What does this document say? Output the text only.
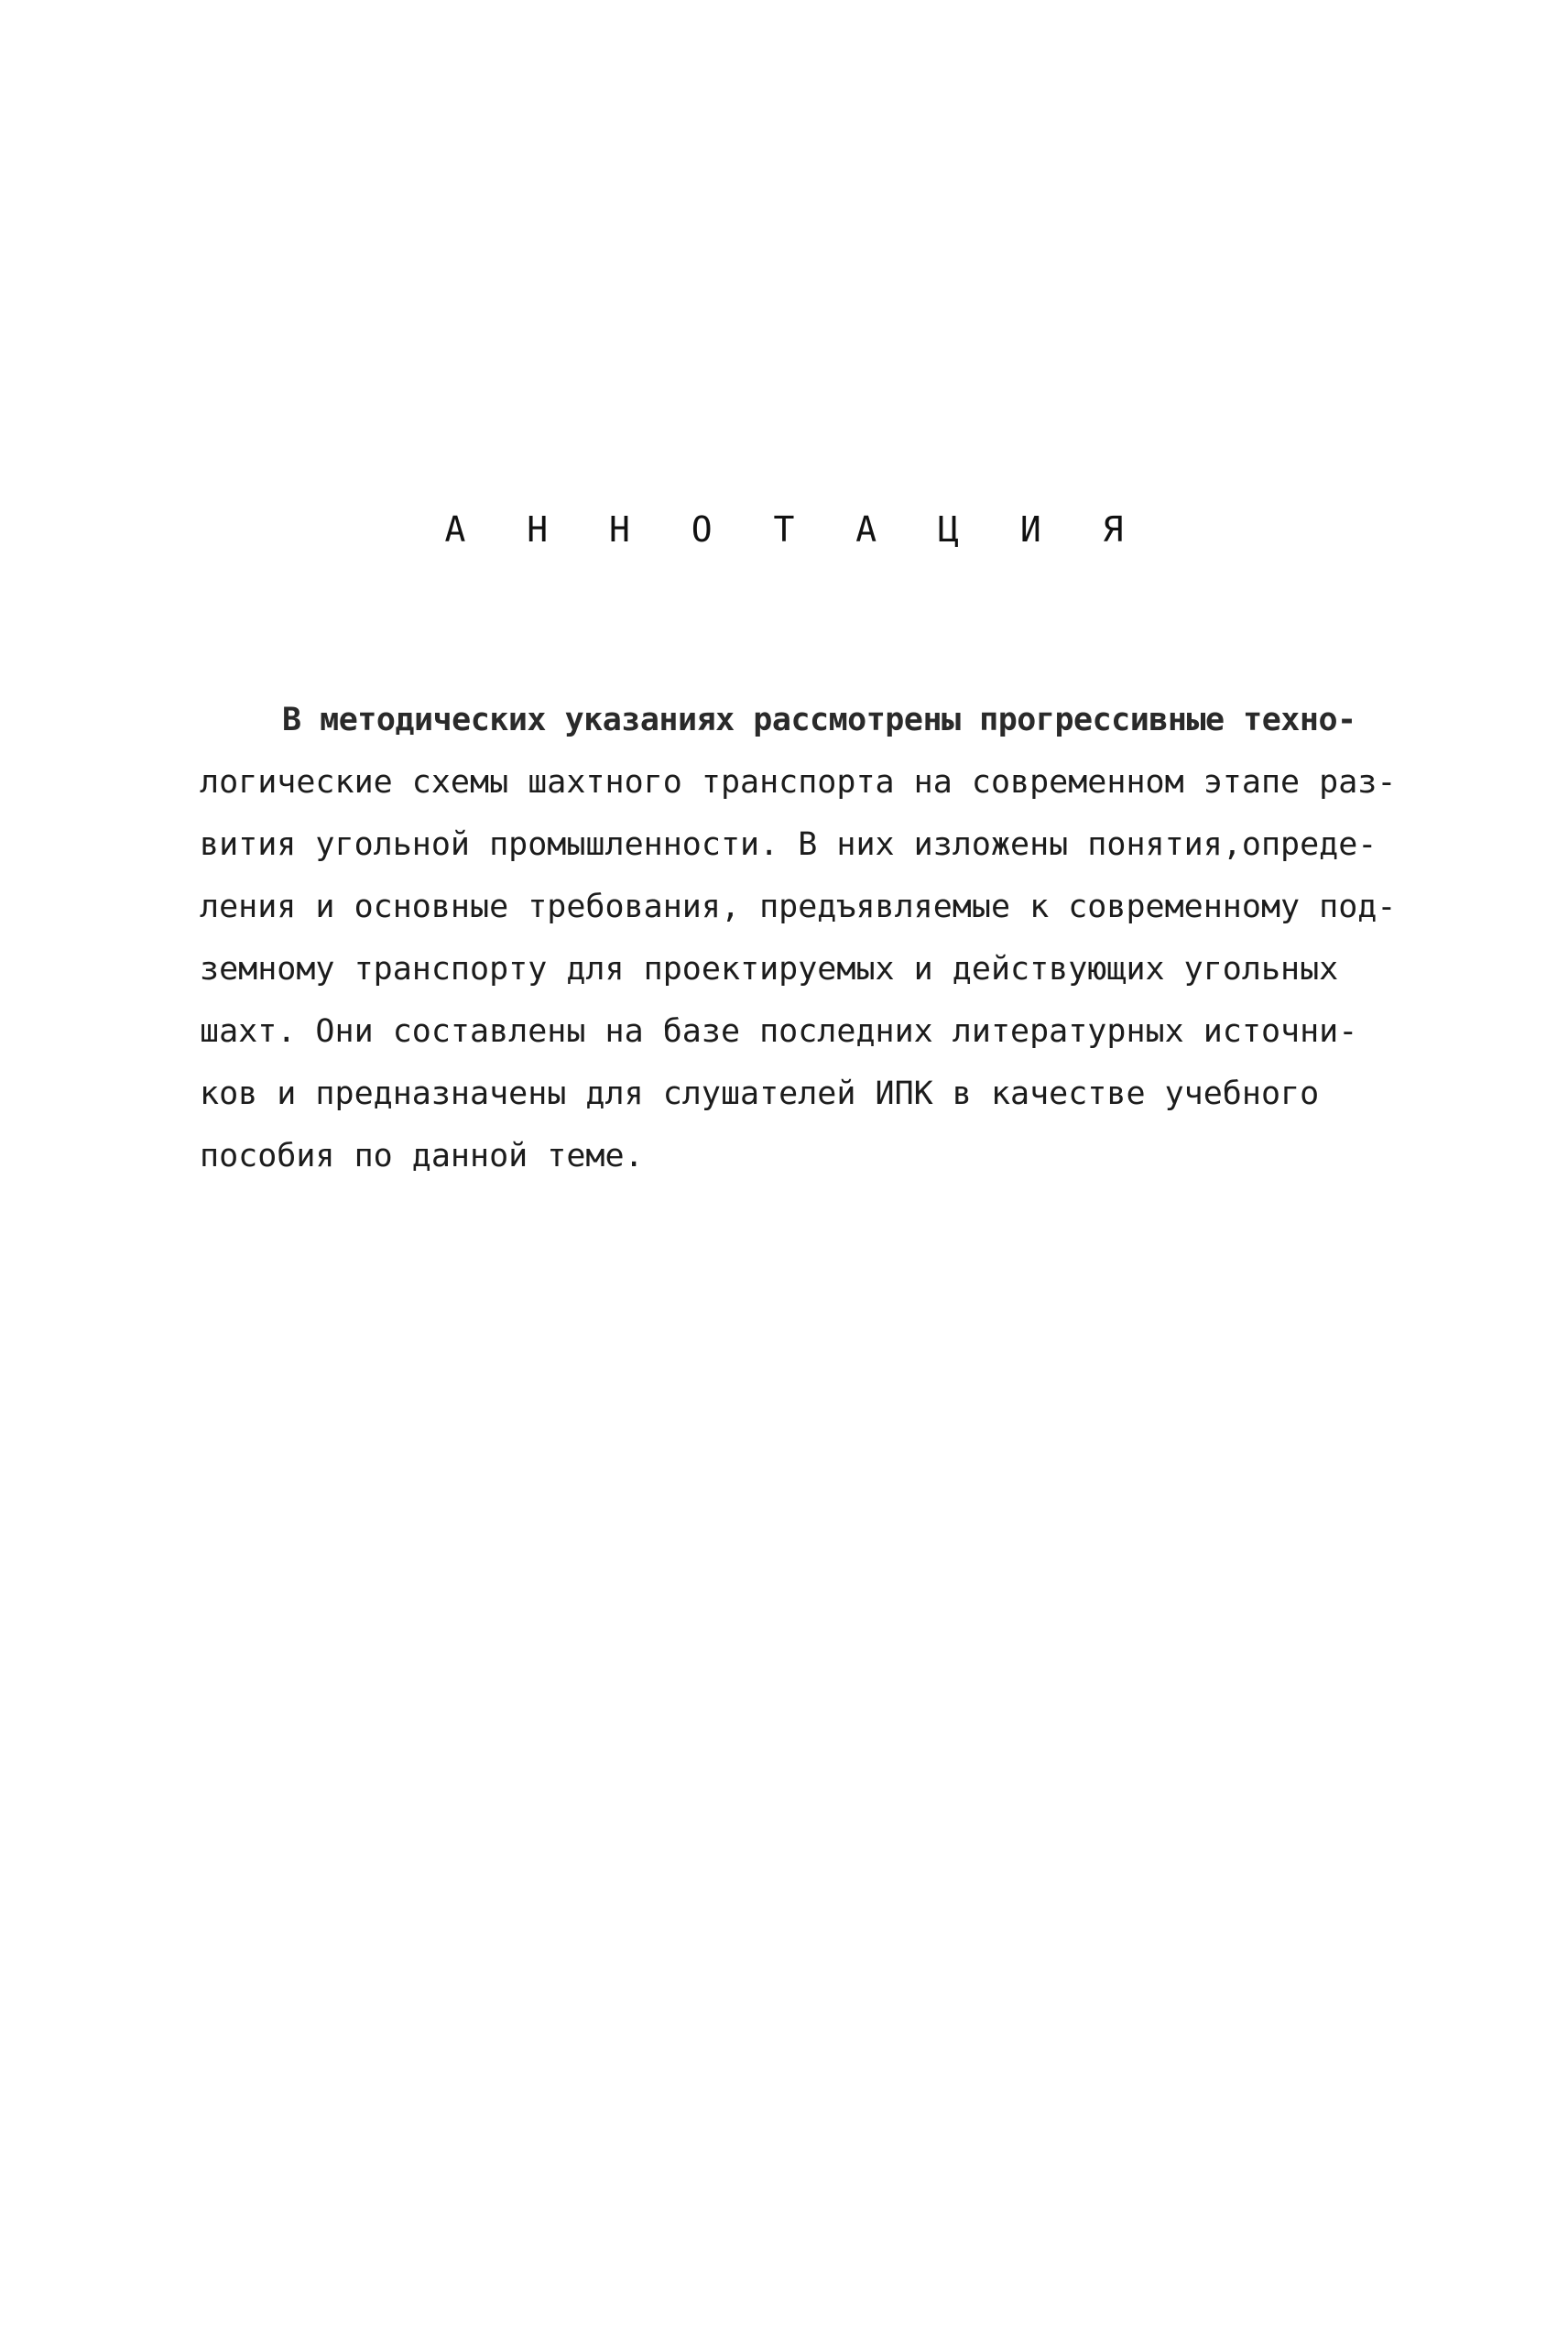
А Н Н О Т А Ц И Я
В методических указаниях рассмотрены прогрессивные техно-
логические схемы шахтного транспорта на современном этапе раз-
вития угольной промышленности. В них изложены понятия,опреде-
ления и основные требования, предъявляемые к современному под-
земному транспорту для проектируемых и действующих угольных
шахт. Они составлены на базе последних литературных источни-
ков и предназначены для слушателей ИПК в качестве учебного
пособия по данной теме.
